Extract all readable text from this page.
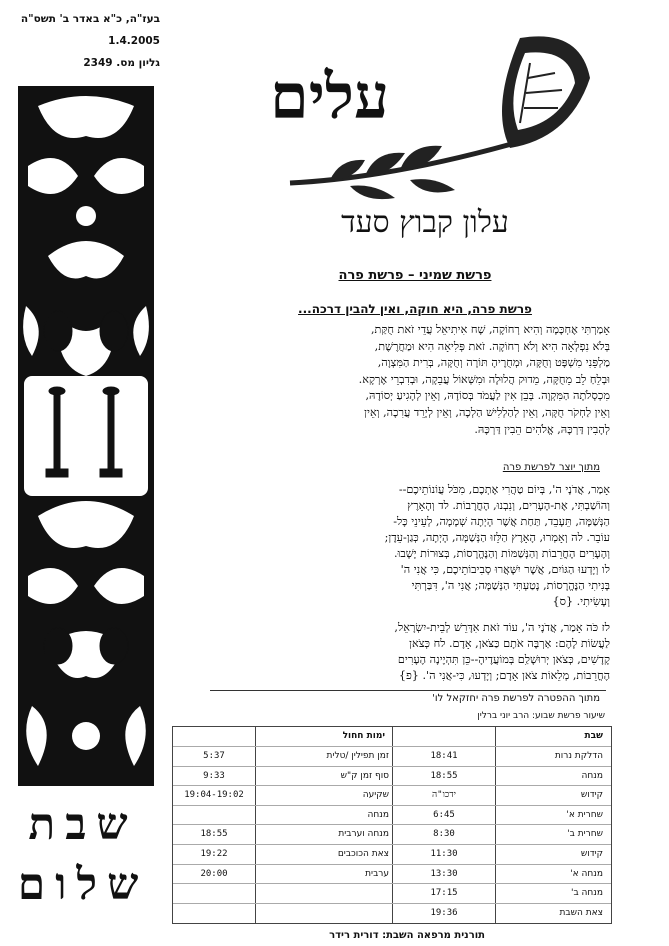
בעז"ה, כ"א באדר ב' תשס"ה
1.4.2005
גליון מס. 2349
שבת
שלום
עלים
עלון קבוץ סעד
פרשת שמיני – פרשת פרה
פרשת פרה, היא חוקה, ואין להבין דרכה...
אָמַרְתִּי אֶחְכָּמָה וְהִיא רְחוֹקָה, שָׁח אִיתִיאֵל עֲדֵי זֹאת חֻקַּת,
בְּלֹא נִפְלְאָה הִיא וְלֹא רְחוֹקָה. זֹאת פְּלִיאָה הִיא וּמַחֲרֶשֶׁת,
מַלְפֵּנִי מִשְׁפָּט וְחֻקָּה, וּמְחֻרֶיהָ תּוֹרָה וְחֻקָּה, בְּרִית הַמִּצְוָה,
וּבְלֵחַ לֵב מֵחֻקָּה, מֵדוּק הֲלוּלָה וּמִשְּׁאוֹל עֲבֵקָה, וּבְדִבְרֵי אֶרְקָא.
מִכְסְלֹתָה הַמִּקְוָה. בְּבֵן אִין לַעֲמֹד בְּסוֹדָהּ, וְאֵין לְהָגִיעַ יְסוֹדָהּ,
וְאֵין לַחְקֹר חֻקָּה, וְאֵין לְהַלְלִישׁ הַלְכָה, וְאֵין לְיָרֵד עֲרִכָה, וְאֵין
לְהָבִין דַּרְכָּהּ, אֱלֹהִים הֵבִין דַּרְכָּהּ.
מתוך יוצר לפרשת פרה
אָמַר, אֲדֹנָי ה', בְּיוֹם טַהֲרִי אֶתְכֶם, מִכֹּל עֲוֹנוֹתֵיכֶם--
וְהוֹשַׁבְתִּי, אֶת-הֶעָרִים, וְנִבְנוּ, הֶחֳרָבוֹת. לד וְהָאָרֶץ
הַנְּשַׁמָּה, תֵּעָבֵד, תַּחַת אֲשֶׁר הָיְתָה שְׁמָמָה, לְעֵינֵי כָּל-
עוֹבֵר. לה וְאָמְרוּ, הָאָרֶץ הַלֵּזוּ הַנְּשַׁמָּה, הָיְתָה, כְּגַן-עֵדֶן;
וְהֶעָרִים הֶחֳרֵבוֹת וְהַנְּשַׁמּוֹת וְהַנֶּהֱרָסוֹת, בְּצוּרוֹת יָשָׁבוּ.
לו וְיָדְעוּ הַגּוֹיִם, אֲשֶׁר יִשָּׁאֲרוּ סְבִיבוֹתֵיכֶם, כִּי אֲנִי ה'
בָּנִיתִי הַנֶּהֱרָסוֹת, נָטַעְתִּי הַנְּשַׁמָּה; אֲנִי ה', דִּבַּרְתִּי
וְעָשִׂיתִי. {ס}
לז כֹּה אָמַר, אֲדֹנָי ה', עוֹד זֹאת אִדָּרֵשׁ לְבֵית-יִשְׂרָאֵל,
לַעֲשׂוֹת לָהֶם: אַרְבֶּה אֹתָם כַּצֹּאן, אָדָם. לח כְּצֹאן
קָדָשִׁים, כְּצֹאן יְרוּשָׁלִַם בְּמוֹעֲדֶיהָ--כֵּן תִּהְיֶינָה הֶעָרִים
הֶחֳרֵבוֹת, מְלֵאוֹת צֹאן אָדָם; וְיָדְעוּ, כִּי-אֲנִי ה'. {פ}
מתוך ההפטרה לפרשת פרה יחזקאל לו'
שיעור פרשת שבוע: הרב יוני ברלין
שבת
ימות חחול
הדלקת נרות
18:41
זמן תפילין /טלית
5:37
מנחה
18:55
סוף זמן ק"ש
9:33
קידוש
ידכו"ה
שקיעה
19:04-19:02
שחרית א'
6:45
מנחה
שחרית ב'
8:30
מנחה וערבית
18:55
קידוש
11:30
צאת הכוכבים
19:22
מנחה א'
13:30
ערבית
20:00
מנחה ב'
17:15
צאת השבת
19:36
תורנית מרפאה השבת: דורית רידר
